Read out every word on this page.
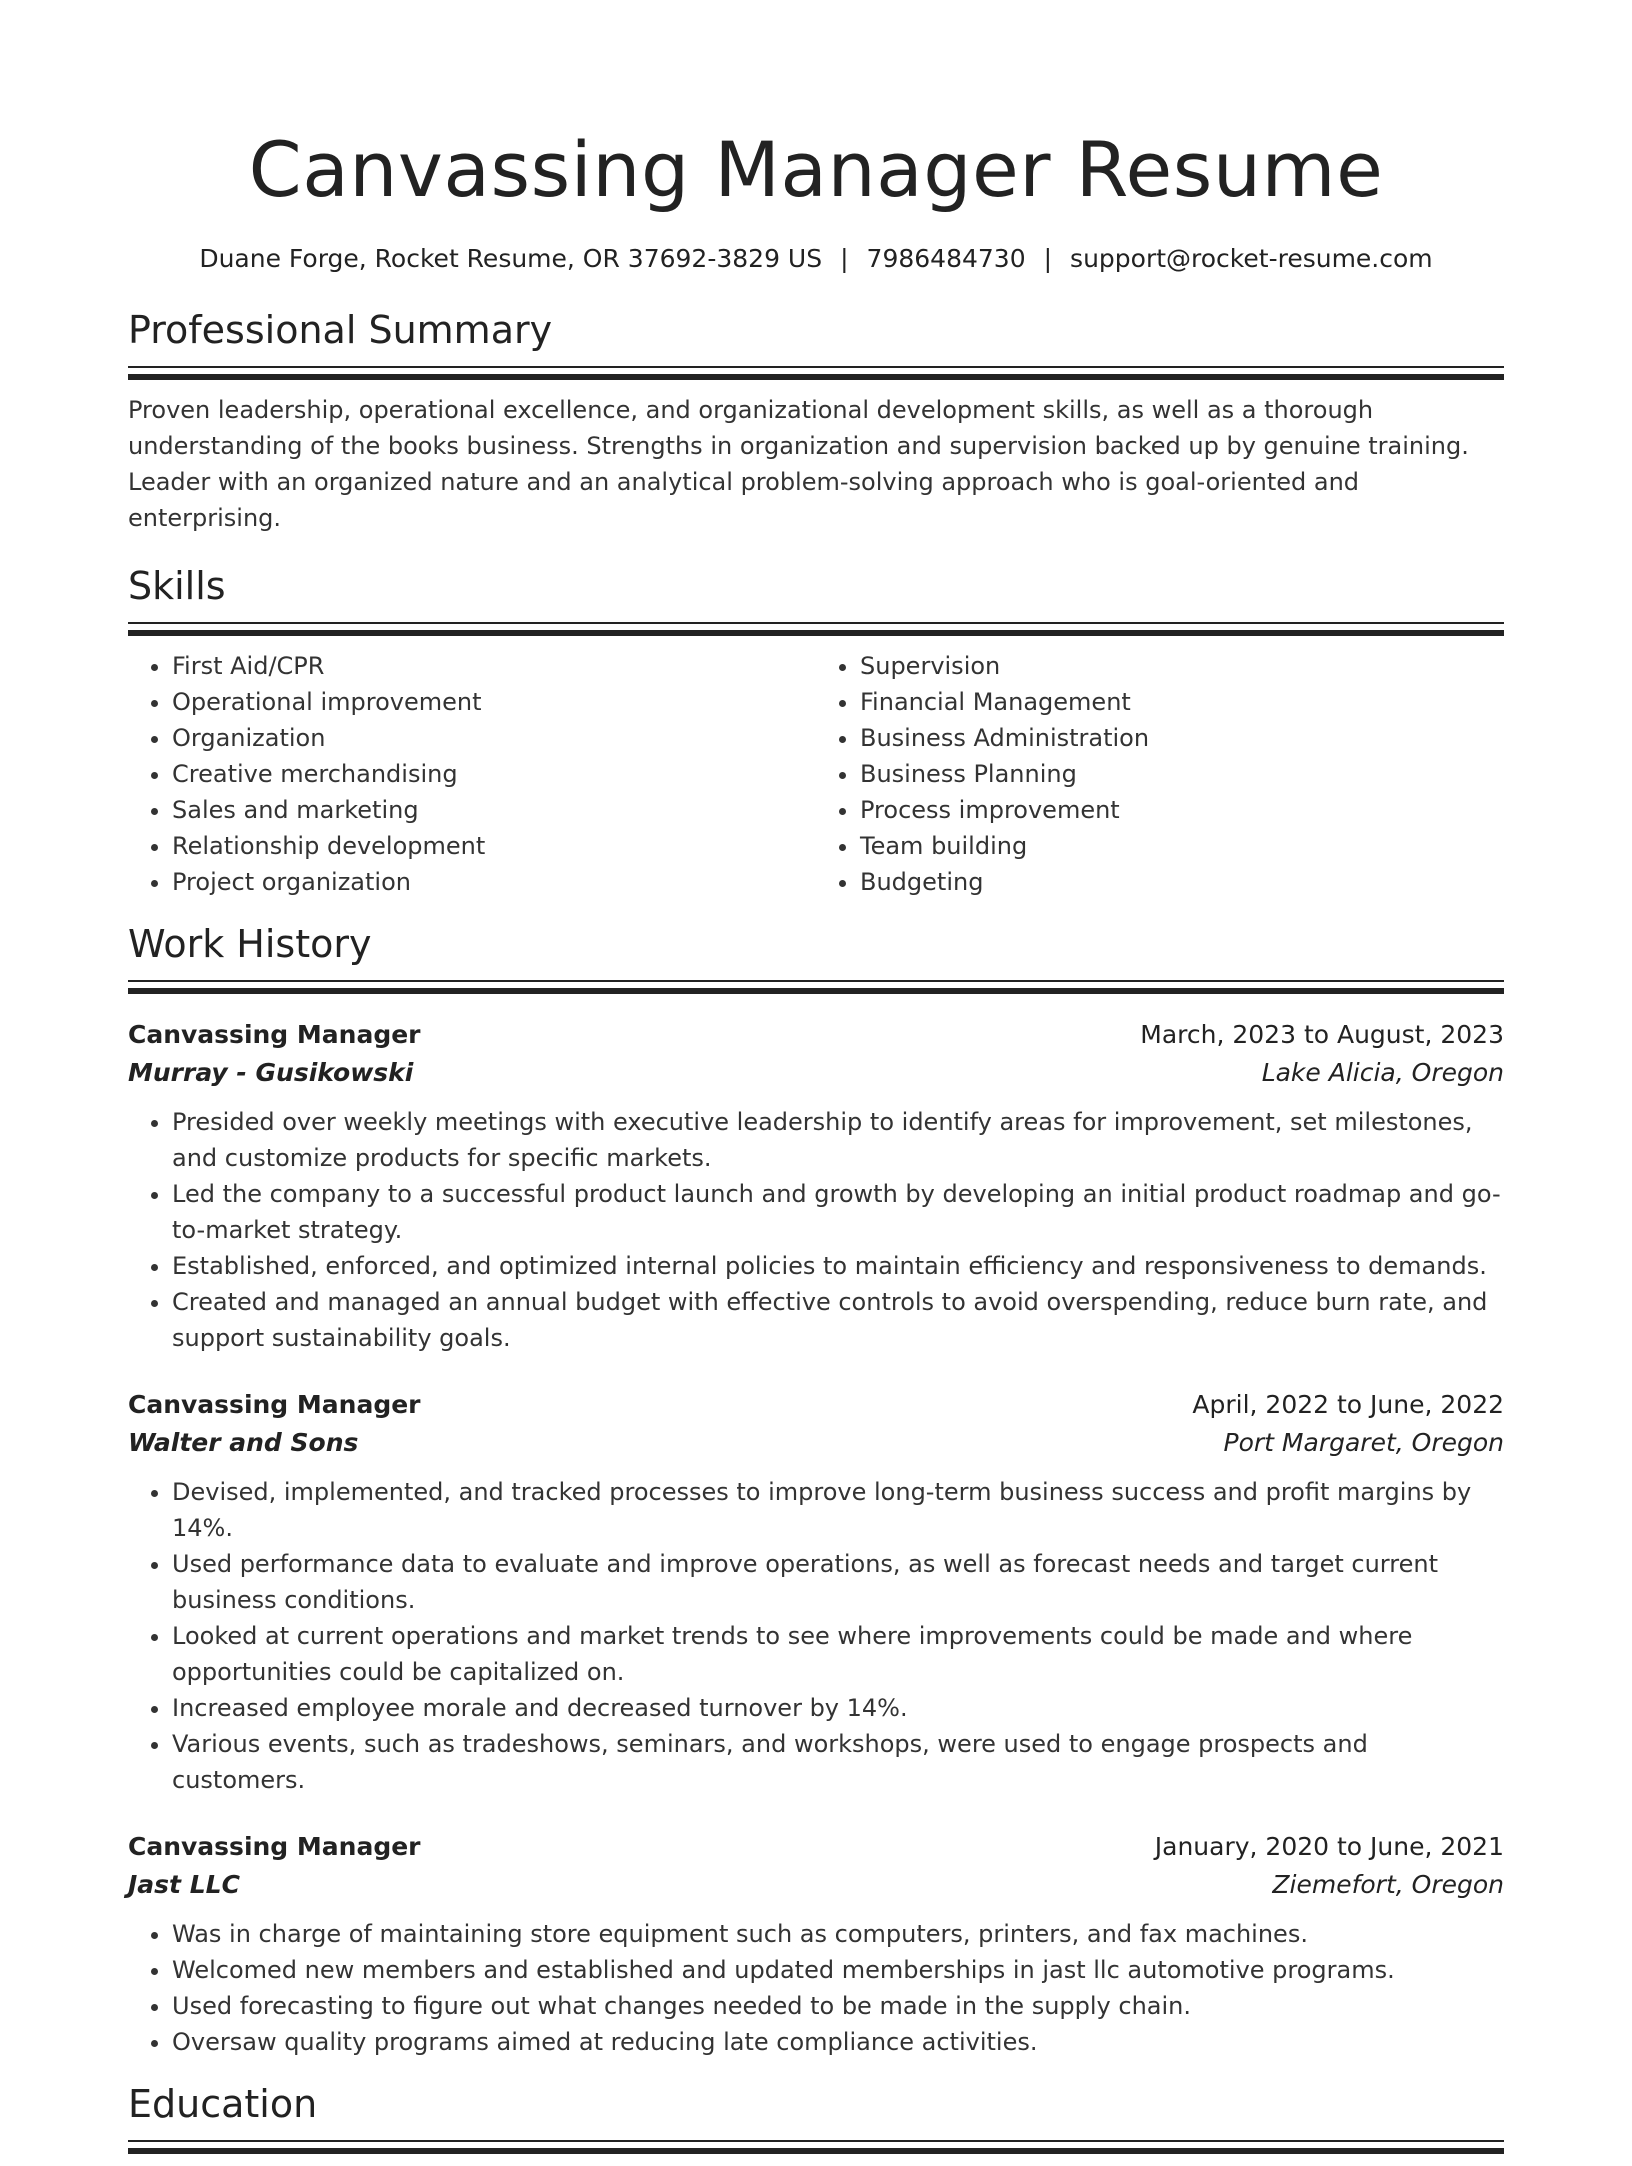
Canvassing Manager Resume
Duane Forge, Rocket Resume, OR 37692-3829 US | 7986484730 | support@rocket-resume.com
Professional Summary

Proven leadership, operational excellence, and organizational development skills, as well as a thorough understanding of the books business. Strengths in organization and supervision backed up by genuine training. Leader with an organized nature and an analytical problem-solving approach who is goal-oriented and enterprising.

Skills
• First Aid/CPR
• Operational improvement
• Organization
• Creative merchandising
• Sales and marketing
• Relationship development
• Project organization
• Supervision
• Financial Management
• Business Administration
• Business Planning
• Process improvement
• Team building
• Budgeting
Work History
Canvassing Manager	March, 2023 to August, 2023
Murray - Gusikowski	Lake Alicia, Oregon
• Presided over weekly meetings with executive leadership to identify areas for improvement, set milestones, and customize products for specific markets.
• Led the company to a successful product launch and growth by developing an initial product roadmap and go-to-market strategy.
• Established, enforced, and optimized internal policies to maintain efficiency and responsiveness to demands.
• Created and managed an annual budget with effective controls to avoid overspending, reduce burn rate, and support sustainability goals.
Canvassing Manager	April, 2022 to June, 2022
Walter and Sons	Port Margaret, Oregon
• Devised, implemented, and tracked processes to improve long-term business success and profit margins by 14%.
• Used performance data to evaluate and improve operations, as well as forecast needs and target current business conditions.
• Looked at current operations and market trends to see where improvements could be made and where opportunities could be capitalized on.
• Increased employee morale and decreased turnover by 14%.
• Various events, such as tradeshows, seminars, and workshops, were used to engage prospects and customers.
Canvassing Manager	January, 2020 to June, 2021
Jast LLC	Ziemefort, Oregon
• Was in charge of maintaining store equipment such as computers, printers, and fax machines.
• Welcomed new members and established and updated memberships in jast llc automotive programs.
• Used forecasting to figure out what changes needed to be made in the supply chain.
• Oversaw quality programs aimed at reducing late compliance activities.
Education
